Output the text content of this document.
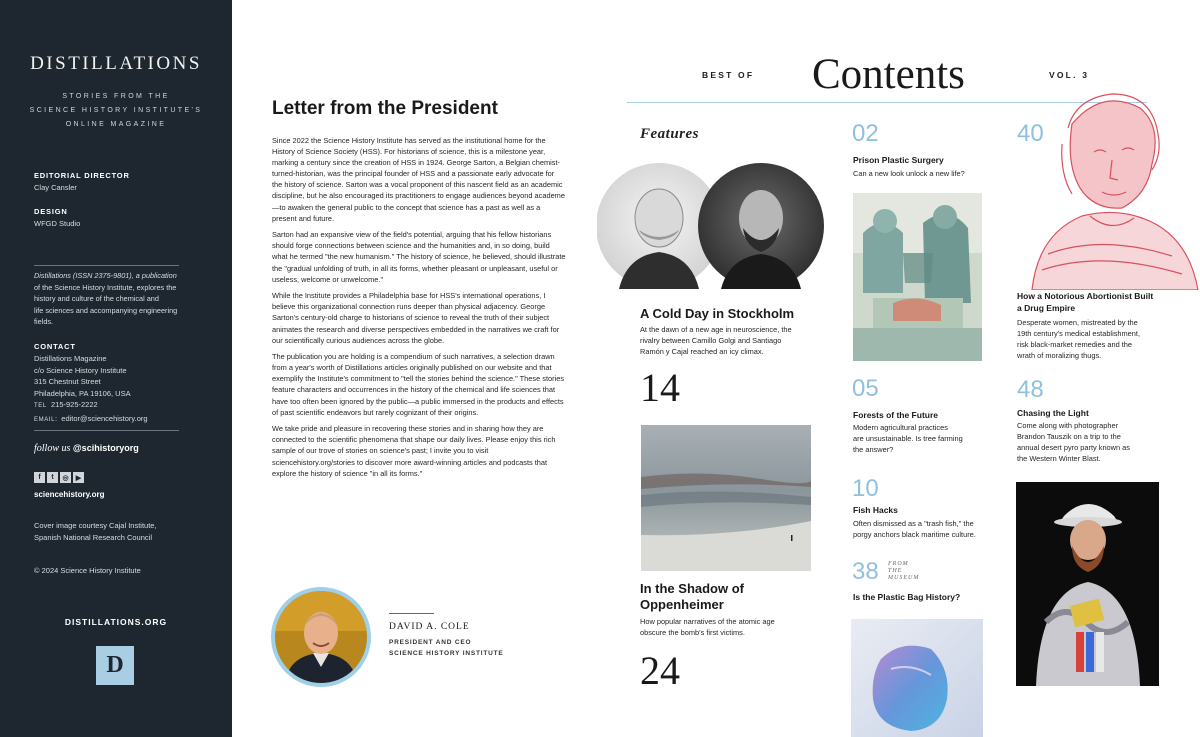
DISTILLATIONS
STORIES FROM THE
SCIENCE HISTORY INSTITUTE'S
ONLINE MAGAZINE
EDITORIAL DIRECTOR
Clay Cansler
DESIGN
WFGD Studio
Distillations (ISSN 2375-9801), a publication
of the Science History Institute, explores the
history and culture of the chemical and
life sciences and accompanying engineering
fields.
CONTACT
Distillations Magazine
c/o Science History Institute
315 Chestnut Street
Philadelphia, PA 19106, USA
TEL 215-925-2222
EMAIL:  editor@sciencehistory.org
follow us @scihistoryorg
f	t	◎	▶
sciencehistory.org
Cover image courtesy Cajal Institute,
Spanish National Research Council
© 2024 Science History Institute
DISTILLATIONS.ORG
D
Letter from the President

Since 2022 the Science History Institute has served as the institutional home for the History of Science Society (HSS). For historians of science, this is a milestone year, marking a century since the creation of HSS in 1924. George Sarton, a Belgian chemist-turned-historian, was the principal founder of HSS and a passionate early advocate for the history of science. Sarton was a vocal proponent of this nascent field as an academic discipline, but he also encouraged its practitioners to engage audiences beyond academe—to awaken the general public to the concept that science has a past as well as a present and future.

Sarton had an expansive view of the field's potential, arguing that his fellow historians should forge connections between science and the humanities and, in so doing, build what he termed "the new humanism." The history of science, he believed, should illustrate the "gradual unfolding of truth, in all its forms, whether pleasant or unpleasant, useful or useless, welcome or unwelcome."

While the Institute provides a Philadelphia base for HSS's international operations, I believe this organizational connection runs deeper than physical adjacency. George Sarton's century-old charge to historians of science to reveal the truth of their subject animates the research and diverse perspectives embedded in the narratives we craft for our scientifically curious audiences across the globe.

The publication you are holding is a compendium of such narratives, a selection drawn from a year's worth of Distillations articles originally published on our website and that exemplify the Institute's commitment to "tell the stories behind the science." These stories feature characters and occurrences in the history of the chemical and life sciences that have too often been ignored by the public—a public immersed in the products and effects of past scientific endeavors but rarely cognizant of their origins.

We take pride and pleasure in recovering these stories and in sharing how they are connected to the scientific phenomena that shape our daily lives. Please enjoy this rich sample of our trove of stories on science's past; I invite you to visit sciencehistory.org/stories to discover more award-winning articles and podcasts that explore the history of science "in all its forms."

DAVID A. COLE
PRESIDENT AND CEO
SCIENCE HISTORY INSTITUTE
BEST OF Contents	VOL. 3
Features
A Cold Day in Stockholm
At the dawn of a new age in neuroscience, the
rivalry between Camillo Golgi and Santiago
Ramón y Cajal reached an icy climax.
14
In the Shadow of Oppenheimer
How popular narratives of the atomic age
obscure the bomb's first victims.
24
02
Prison Plastic Surgery
Can a new look unlock a new life?
05
Forests of the Future
Modern agricultural practices
are unsustainable. Is tree farming
the answer?
10
Fish Hacks
Often dismissed as a "trash fish," the
porgy anchors black maritime culture.
38 FROM
THE
MUSEUM
Is the Plastic Bag History?
40
How a Notorious Abortionist Built a Drug Empire
Desperate women, mistreated by the
19th century's medical establishment,
risk black-market remedies and the
wrath of moralizing thugs.
48
Chasing the Light
Come along with photographer
Brandon Tauszik on a trip to the
annual desert pyro party known as
the Western Winter Blast.
